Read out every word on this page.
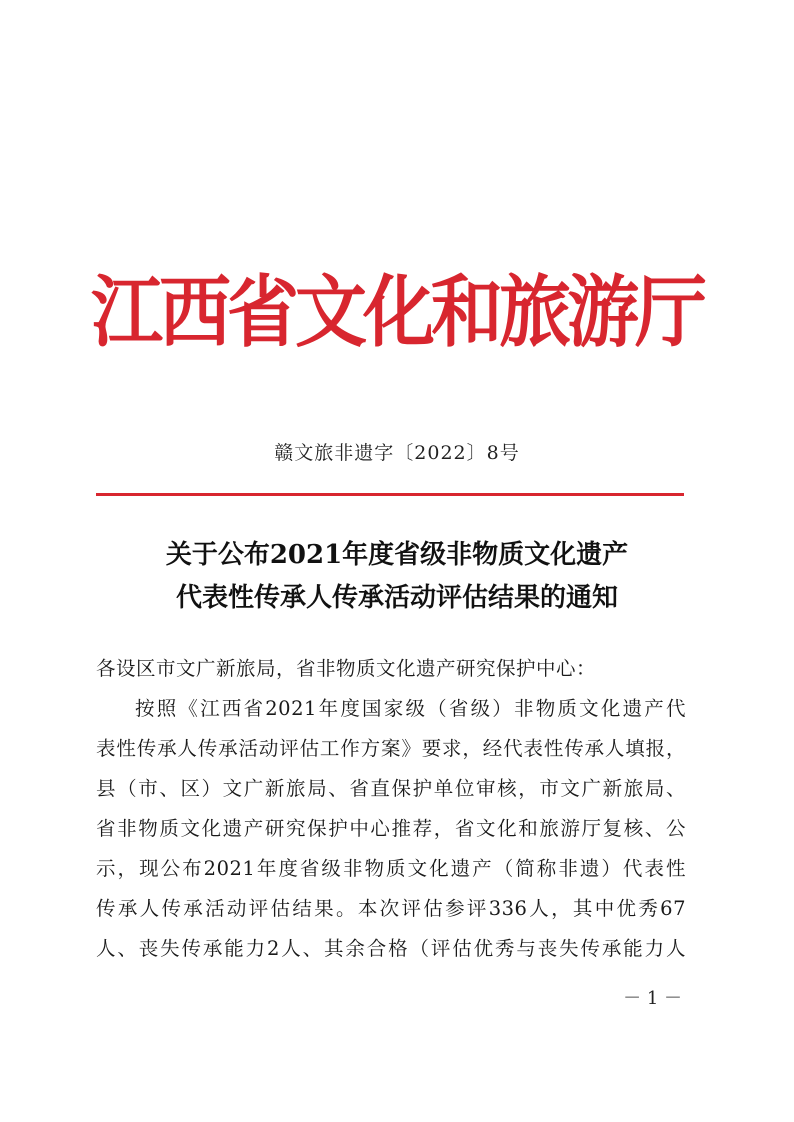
江西省文化和旅游厅
赣文旅非遗字〔2022〕8号
关于公布2021年度省级非物质文化遗产
代表性传承人传承活动评估结果的通知
各设区市文广新旅局，省非物质文化遗产研究保护中心：
按照《江西省2021年度国家级（省级）非物质文化遗产代
表性传承人传承活动评估工作方案》要求，经代表性传承人填报，
县（市、区）文广新旅局、省直保护单位审核，市文广新旅局、
省非物质文化遗产研究保护中心推荐，省文化和旅游厅复核、公
示，现公布2021年度省级非物质文化遗产（简称非遗）代表性
传承人传承活动评估结果。本次评估参评336人，其中优秀67
人、丧失传承能力2人、其余合格（评估优秀与丧失传承能力人
－ 1 －
